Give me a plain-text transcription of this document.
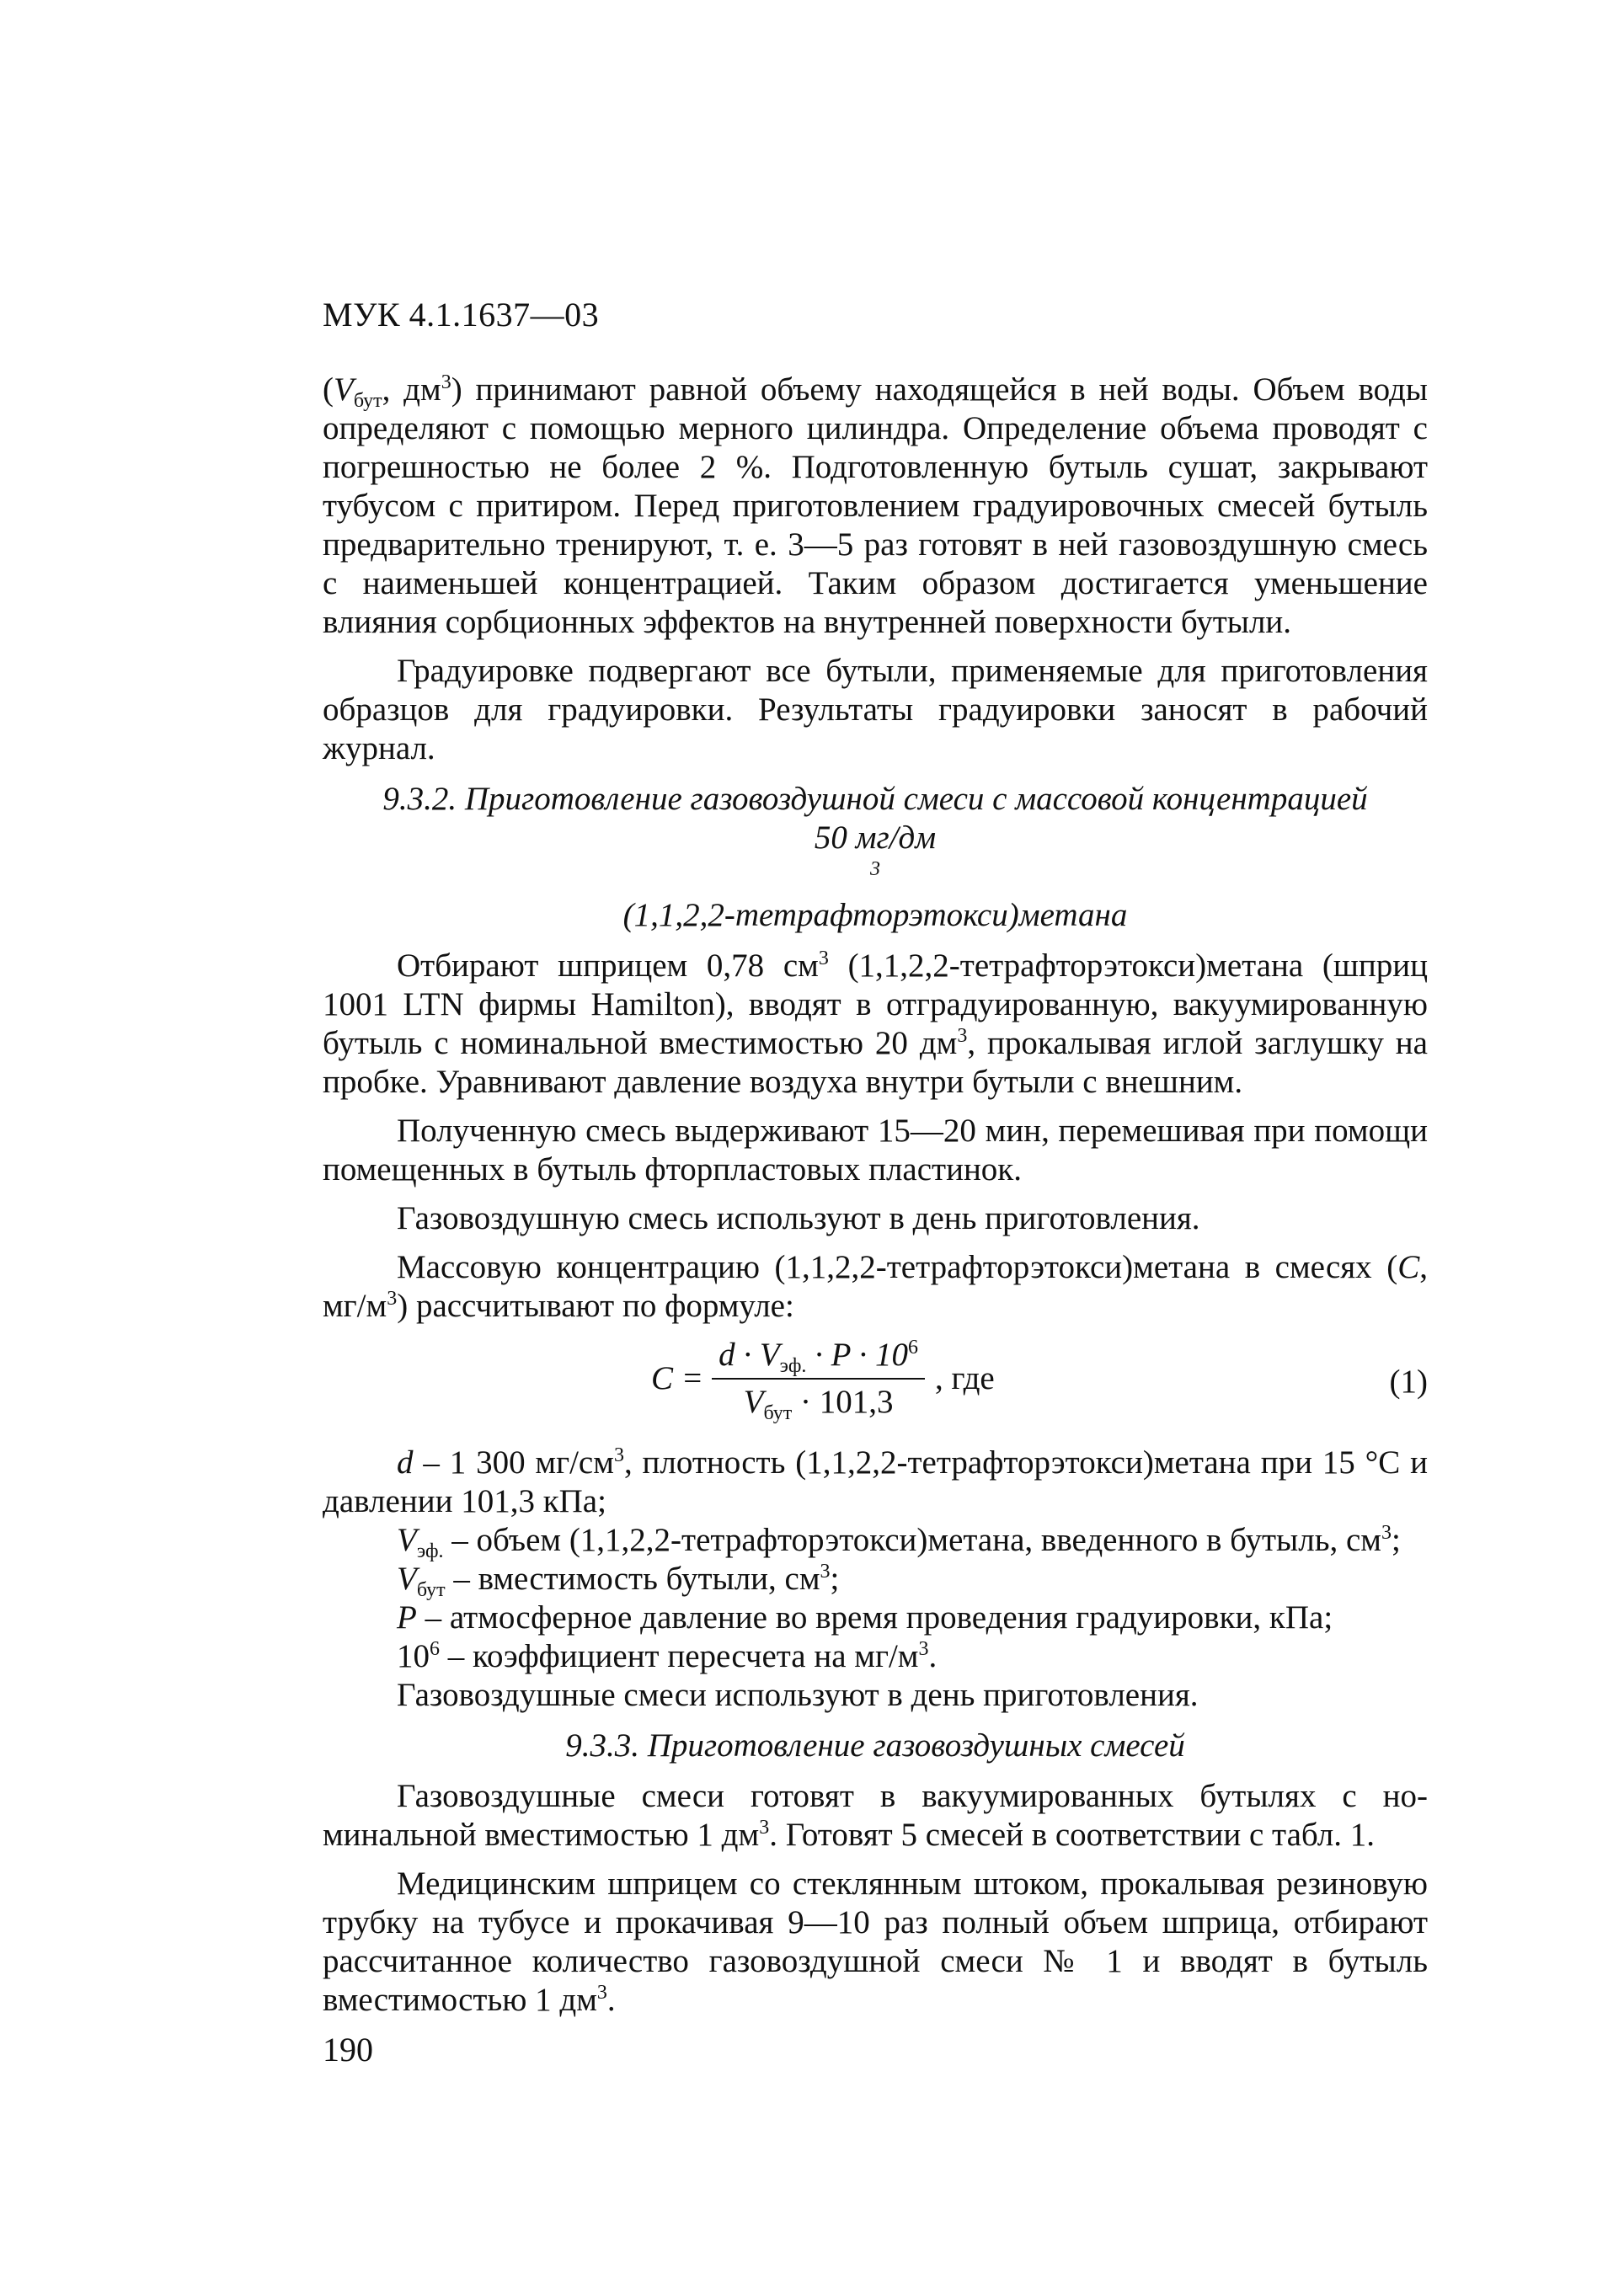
МУК 4.1.1637—03

($V_{бут}$, $дм^3$) принимают равной объему находящейся в ней воды. Объем воды определяют с помощью мерного цилиндра. Определение объема проводят с погрешностью не более 2 %. Подготовленную бутыль сушат, закрывают тубусом с притиром. Перед приготовлением градуировочных смесей бутыль предварительно тренируют, т. е. 3—5 раз готовят в ней газовоздушную смесь с наименьшей концентрацией. Таким образом достигается уменьшение влияния сорбционных эффектов на внутренней поверхности бутыли.

Градуировке подвергают все бутыли, применяемые для приготовления образцов для градуировки. Результаты градуировки заносят в рабочий журнал.

9.3.2. Приготовление газовоздушной смеси с массовой концентрацией
50 мг/дм
$^3$
(1,1,2,2-тетрафторэтокси)метана

Отбирают шприцем 0,78 $см^3$ (1,1,2,2-тетрафторэтокси)метана (шприц 1001 LTN фирмы Hamilton), вводят в отградуированную, вакуумированную бутыль с номинальной вместимостью 20 $дм^3$, прокалывая иглой заглушку на пробке. Уравнивают давление воздуха внутри бутыли с внешним.

Полученную смесь выдерживают 15—20 мин, перемешивая при помощи помещенных в бутыль фторпластовых пластинок.

Газовоздушную смесь используют в день приготовления.

Массовую концентрацию (1,1,2,2-тетрафторэтокси)метана в смесях (C, $мг/м^3$) рассчитывают по формуле:

$C = \frac{d \cdot V_{эф.} \cdot P \cdot 10^6}{V_{бут} \cdot 101,3}$ , где	(1)

d – 1 300 $мг/см^3$, плотность (1,1,2,2-тетрафторэтокси)метана при 15 °С и давлении 101,3 кПа;

$V_{эф.}$ – объем (1,1,2,2-тетрафторэтокси)метана, введенного в бутыль, $см^3$;

$V_{бут}$ – вместимость бутыли, $см^3$;

P – атмосферное давление во время проведения градуировки, кПа;

$10^6$ – коэффициент пересчета на $мг/м^3$.

Газовоздушные смеси используют в день приготовления.

9.3.3. Приготовление газовоздушных смесей

Газовоздушные смеси готовят в вакуумированных бутылях с номинальной вместимостью 1 $дм^3$. Готовят 5 смесей в соответствии с табл. 1.

Медицинским шприцем со стеклянным штоком, прокалывая резиновую трубку на тубусе и прокачивая 9—10 раз полный объем шприца, отбирают рассчитанное количество газовоздушной смеси № 1 и вводят в бутыль вместимостью 1 $дм^3$.

190
